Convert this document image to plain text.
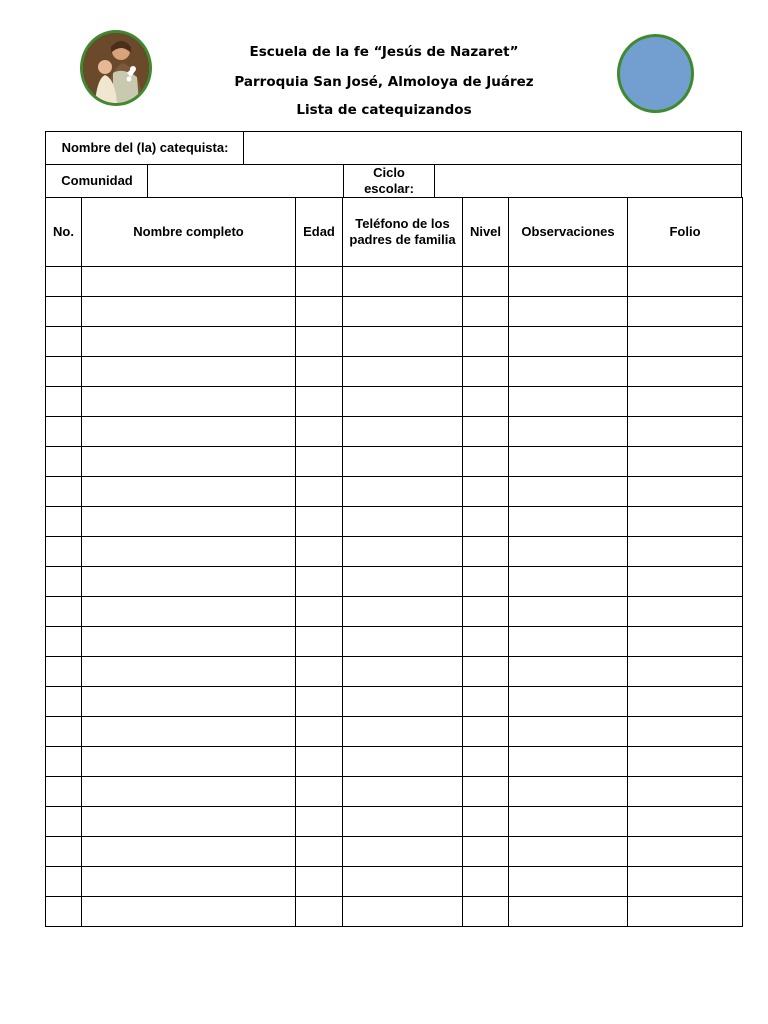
Escuela de la fe “Jesús de Nazaret”
Parroquia San José, Almoloya de Juárez
Lista de catequizandos
Nombre del (la) catequista:
Comunidad
Ciclo escolar:
No.	Nombre completo	Edad	Teléfono de los padres de familia	Nivel	Observaciones	Folio
